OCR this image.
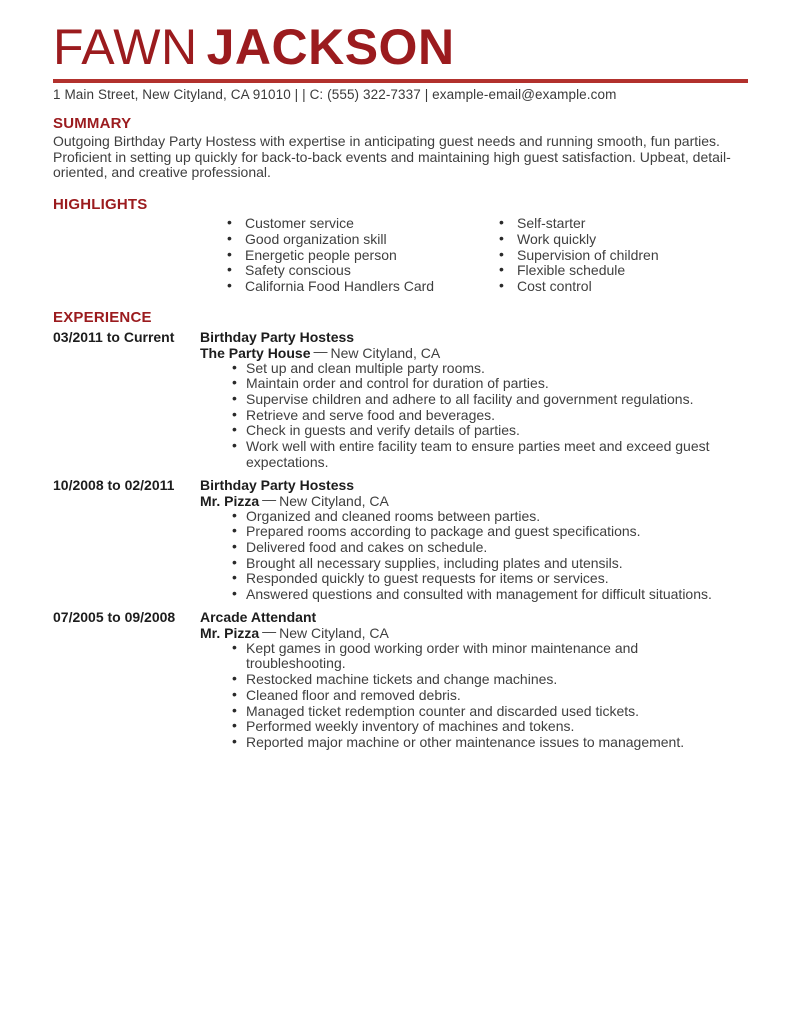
FAWN JACKSON
1 Main Street, New Cityland, CA 91010 | | C: (555) 322-7337 | example-email@example.com
SUMMARY

Outgoing Birthday Party Hostess with expertise in anticipating guest needs and running smooth, fun parties. Proficient in setting up quickly for back-to-back events and maintaining high guest satisfaction. Upbeat, detail-oriented, and creative professional.

HIGHLIGHTS
• Customer service
• Good organization skill
• Energetic people person
• Safety conscious
• California Food Handlers Card
• Self-starter
• Work quickly
• Supervision of children
• Flexible schedule
• Cost control
EXPERIENCE
03/2011 to Current	Birthday Party Hostess
The Party House — New Cityland, CA
• Set up and clean multiple party rooms.
• Maintain order and control for duration of parties.
• Supervise children and adhere to all facility and government regulations.
• Retrieve and serve food and beverages.
• Check in guests and verify details of parties.
• Work well with entire facility team to ensure parties meet and exceed guest expectations.
10/2008 to 02/2011	Birthday Party Hostess
Mr. Pizza — New Cityland, CA
• Organized and cleaned rooms between parties.
• Prepared rooms according to package and guest specifications.
• Delivered food and cakes on schedule.
• Brought all necessary supplies, including plates and utensils.
• Responded quickly to guest requests for items or services.
• Answered questions and consulted with management for difficult situations.
07/2005 to 09/2008	Arcade Attendant
Mr. Pizza — New Cityland, CA
• Kept games in good working order with minor maintenance and troubleshooting.
• Restocked machine tickets and change machines.
• Cleaned floor and removed debris.
• Managed ticket redemption counter and discarded used tickets.
• Performed weekly inventory of machines and tokens.
• Reported major machine or other maintenance issues to management.
